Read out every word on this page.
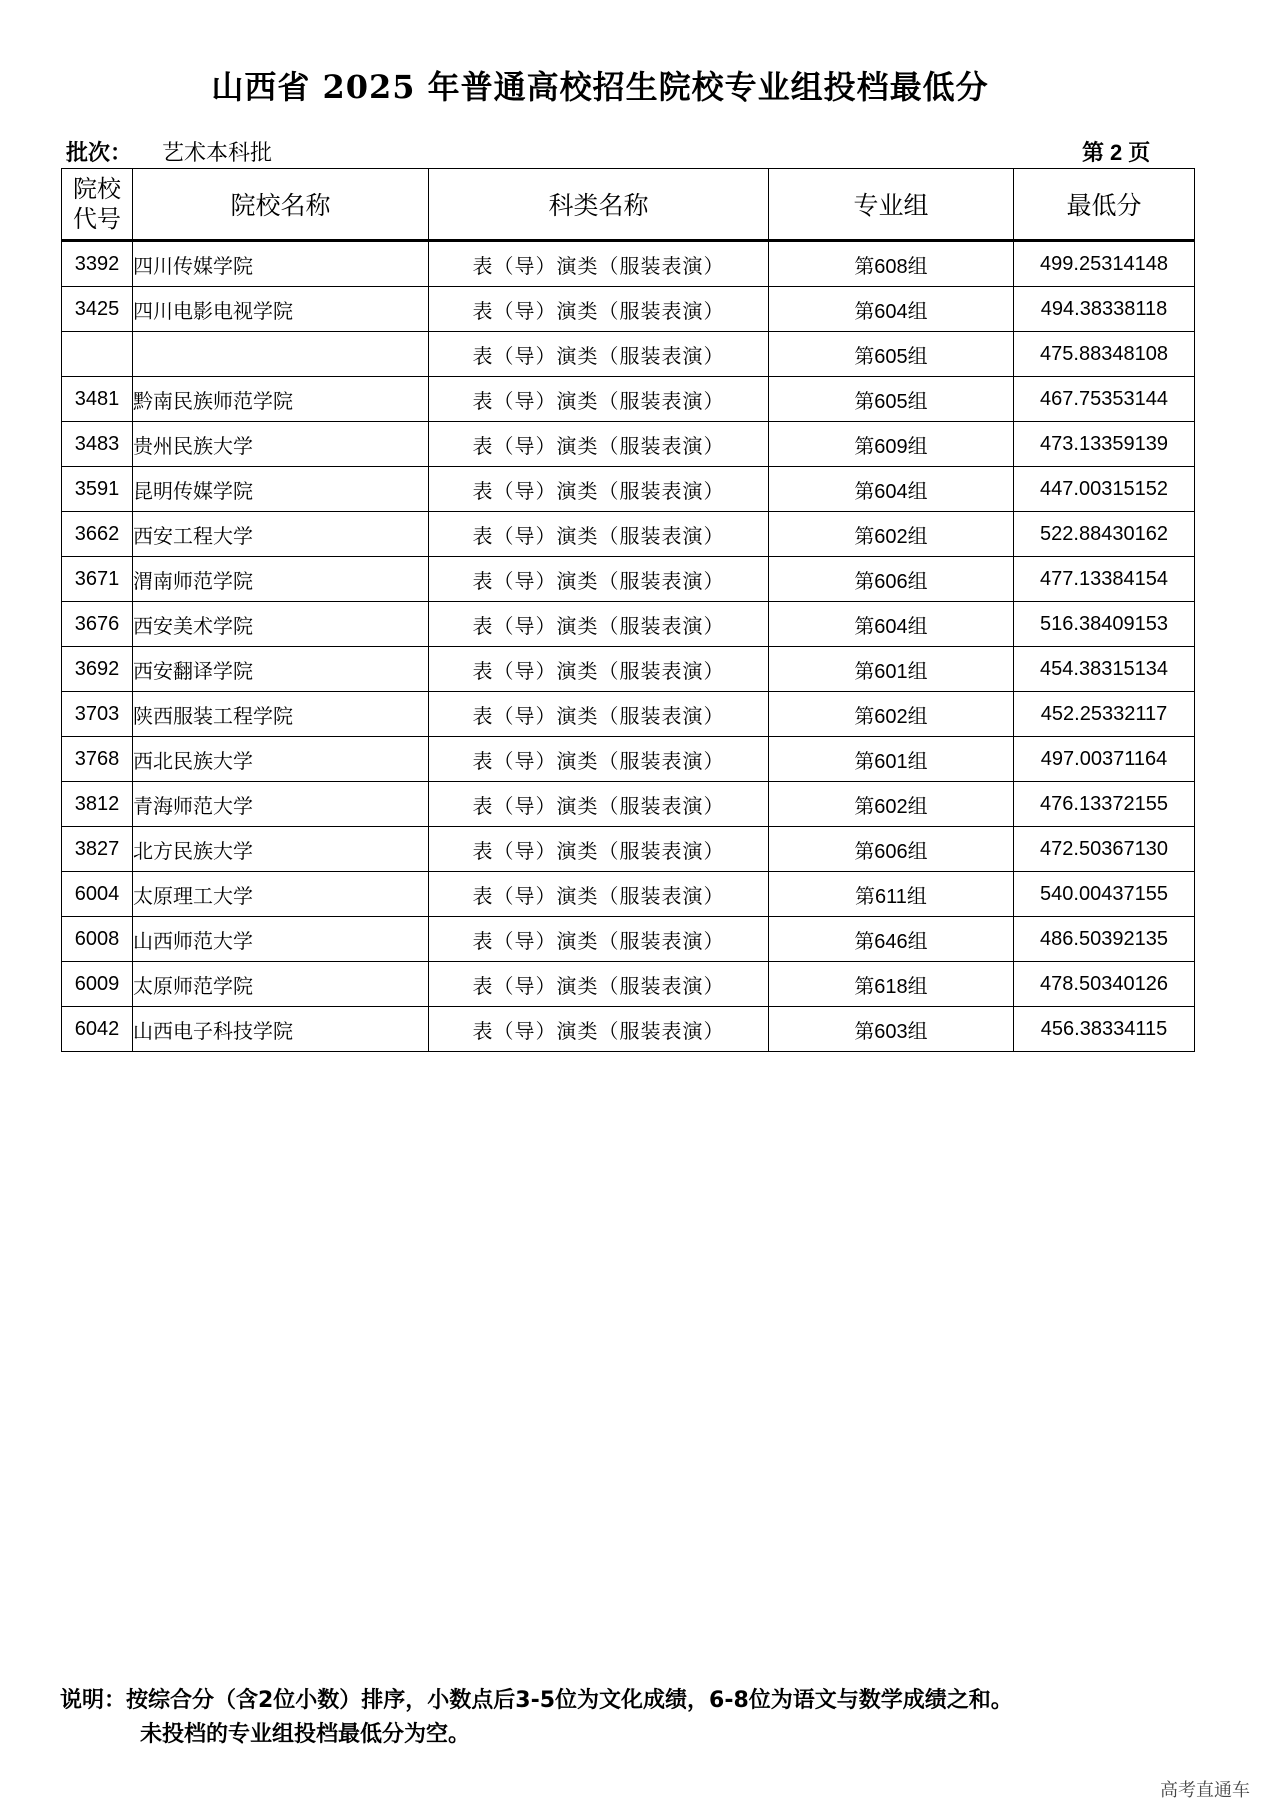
山西省 2025 年普通高校招生院校专业组投档最低分
批次： 艺术本科批	第 2 页
院校
代号	院校名称	科类名称	专业组	最低分
3392	四川传媒学院	表（导）演类（服装表演）	第608组	499.25314148
3425	四川电影电视学院	表（导）演类（服装表演）	第604组	494.38338118
		表（导）演类（服装表演）	第605组	475.88348108
3481	黔南民族师范学院	表（导）演类（服装表演）	第605组	467.75353144
3483	贵州民族大学	表（导）演类（服装表演）	第609组	473.13359139
3591	昆明传媒学院	表（导）演类（服装表演）	第604组	447.00315152
3662	西安工程大学	表（导）演类（服装表演）	第602组	522.88430162
3671	渭南师范学院	表（导）演类（服装表演）	第606组	477.13384154
3676	西安美术学院	表（导）演类（服装表演）	第604组	516.38409153
3692	西安翻译学院	表（导）演类（服装表演）	第601组	454.38315134
3703	陕西服装工程学院	表（导）演类（服装表演）	第602组	452.25332117
3768	西北民族大学	表（导）演类（服装表演）	第601组	497.00371164
3812	青海师范大学	表（导）演类（服装表演）	第602组	476.13372155
3827	北方民族大学	表（导）演类（服装表演）	第606组	472.50367130
6004	太原理工大学	表（导）演类（服装表演）	第611组	540.00437155
6008	山西师范大学	表（导）演类（服装表演）	第646组	486.50392135
6009	太原师范学院	表（导）演类（服装表演）	第618组	478.50340126
6042	山西电子科技学院	表（导）演类（服装表演）	第603组	456.38334115
说明：按综合分（含2位小数）排序，小数点后3-5位为文化成绩，6-8位为语文与数学成绩之和。
未投档的专业组投档最低分为空。
高考直通车
